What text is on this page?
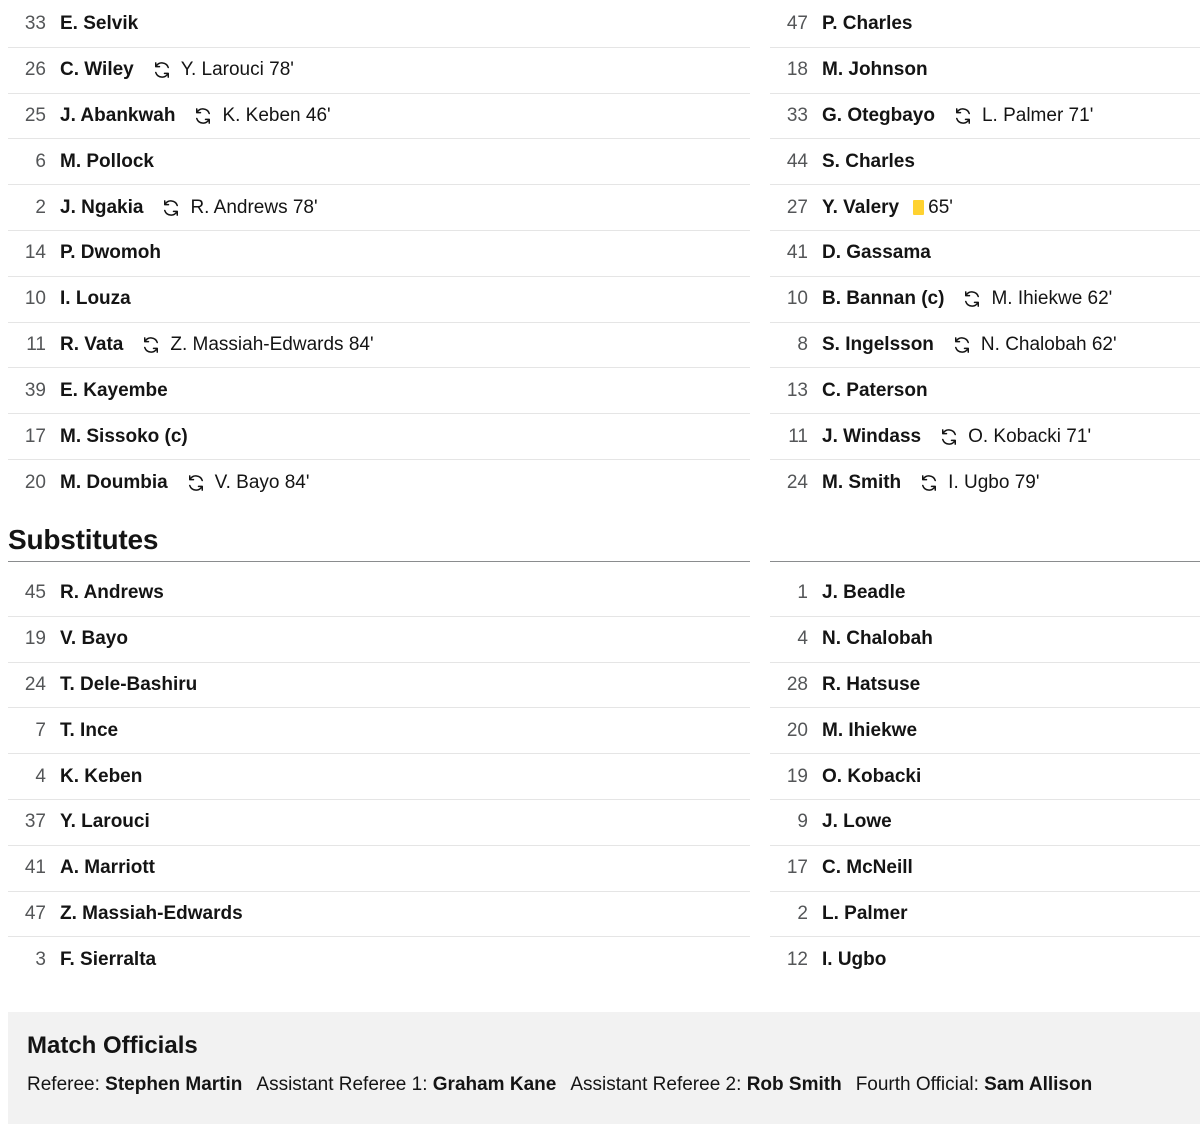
33 E. Selvik
26 C. Wiley Y. Larouci 78'
25 J. Abankwah K. Keben 46'
6 M. Pollock
2 J. Ngakia R. Andrews 78'
14 P. Dwomoh
10 I. Louza
11 R. Vata Z. Massiah-Edwards 84'
39 E. Kayembe
17 M. Sissoko (c)
20 M. Doumbia V. Bayo 84'
47 P. Charles
18 M. Johnson
33 G. Otegbayo L. Palmer 71'
44 S. Charles
27 Y. Valery 65'
41 D. Gassama
10 B. Bannan (c) M. Ihiekwe 62'
8 S. Ingelsson N. Chalobah 62'
13 C. Paterson
11 J. Windass O. Kobacki 71'
24 M. Smith I. Ugbo 79'
Substitutes
45 R. Andrews
19 V. Bayo
24 T. Dele-Bashiru
7 T. Ince
4 K. Keben
37 Y. Larouci
41 A. Marriott
47 Z. Massiah-Edwards
3 F. Sierralta
1 J. Beadle
4 N. Chalobah
28 R. Hatsuse
20 M. Ihiekwe
19 O. Kobacki
9 J. Lowe
17 C. McNeill
2 L. Palmer
12 I. Ugbo
Match Officials
Referee: Stephen Martin Assistant Referee 1: Graham Kane Assistant Referee 2: Rob Smith Fourth Official: Sam Allison
